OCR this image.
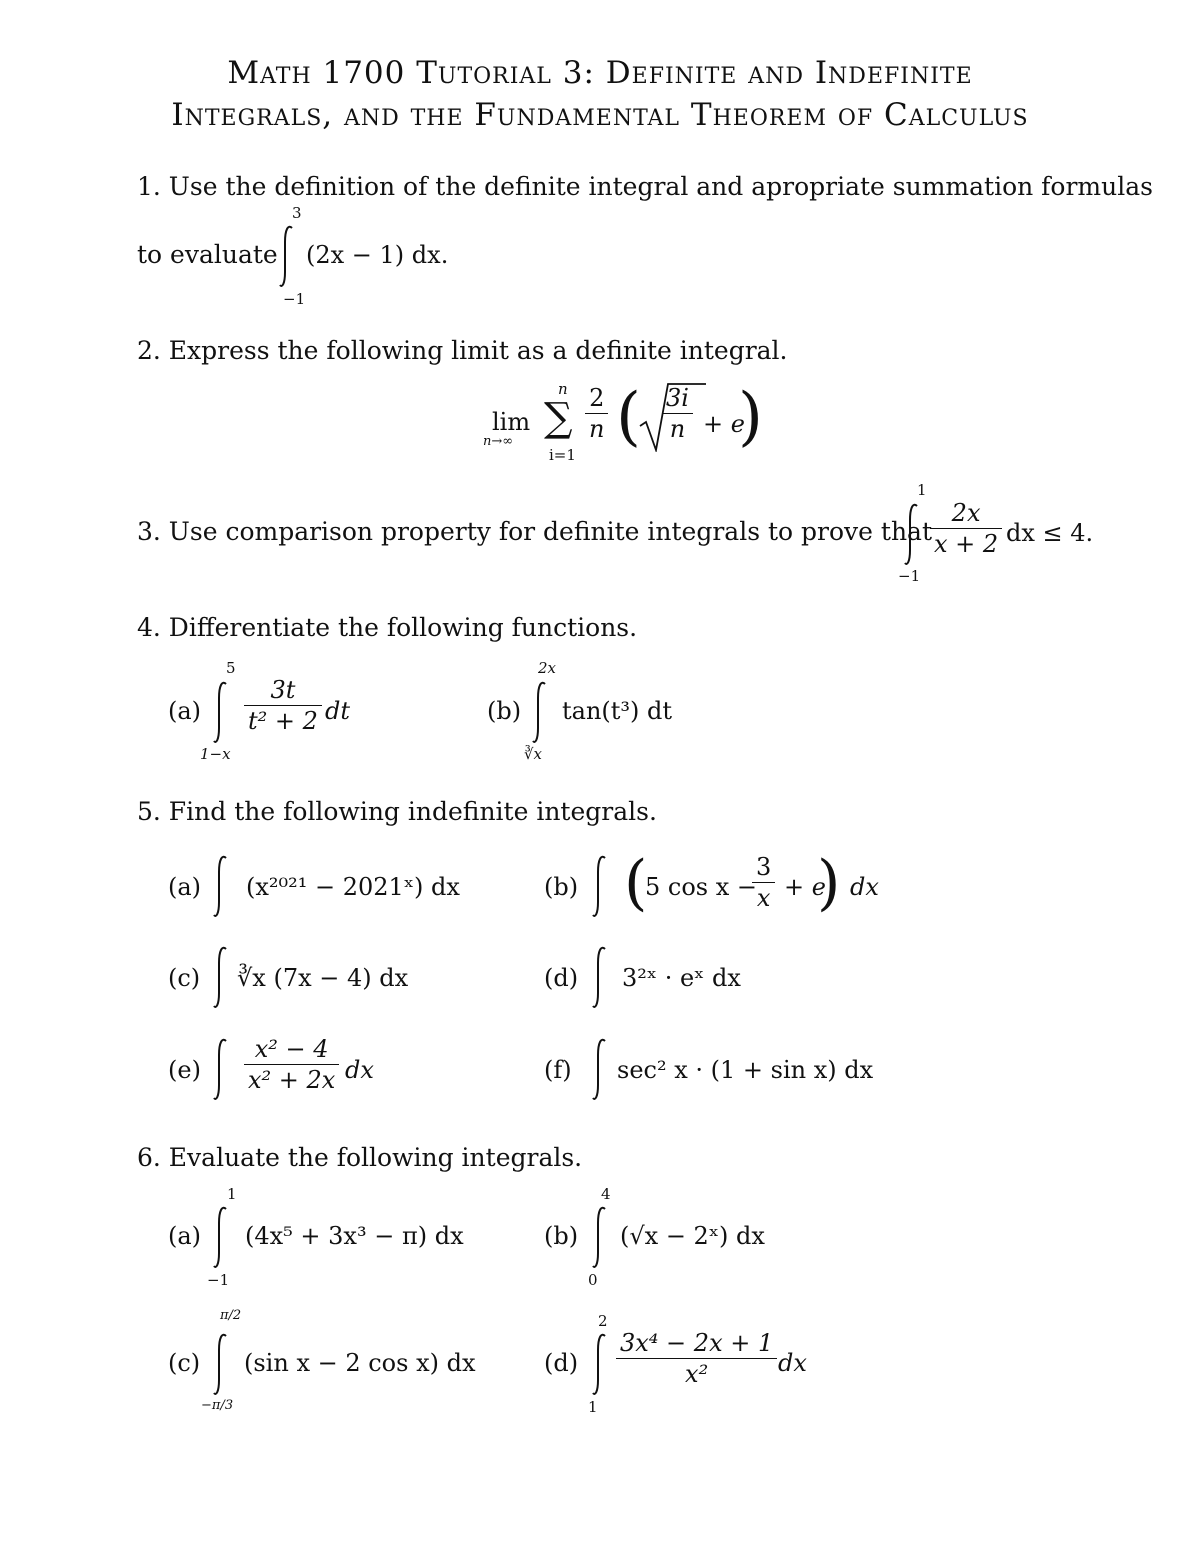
Math 1700 Tutorial 3: Definite and Indefinite
Integrals, and the Fundamental Theorem of Calculus
1. Use the definition of the definite integral and apropriate summation formulas
to evaluate
3
−1
(2x − 1) dx.
2. Express the following limit as a definite integral.
lim
n→∞
n
∑
i=1
$\frac{2}{n}$ ( $\frac{3i}{n} + e$
)
3. Use comparison property for definite integrals to prove that
1
−1
$\frac{2x}{x + 2}$ dx ≤ 4.
4. Differentiate the following functions.
(a)
5
1−x
$\frac{3t}{\text{t² + 2}}$ dt	(b)
2x
∛x
tan(t³) dt
5. Find the following indefinite integrals.
(a) (x²⁰²¹ − 2021ˣ) dx	(b) (
5 cos x −
$\frac{3}{x} + e$
) dx
(c) ∛x (7x − 4) dx	(d) 3²ˣ · eˣ dx
$(e) \frac{\text{x² − 4}}{\text{x² + 2x}}$ dx	(f) sec² x · (1 + sin x) dx
6. Evaluate the following integrals.
(a)
1
−1
(4x⁵ + 3x³ − π) dx	(b)
4
0
(√x − 2ˣ) dx
(c)
π/2
−π/3
(sin x − 2 cos x) dx	(d)
2
1
$\frac{\text{3x⁴ − 2x + 1}}{\text{x²}}$ dx
